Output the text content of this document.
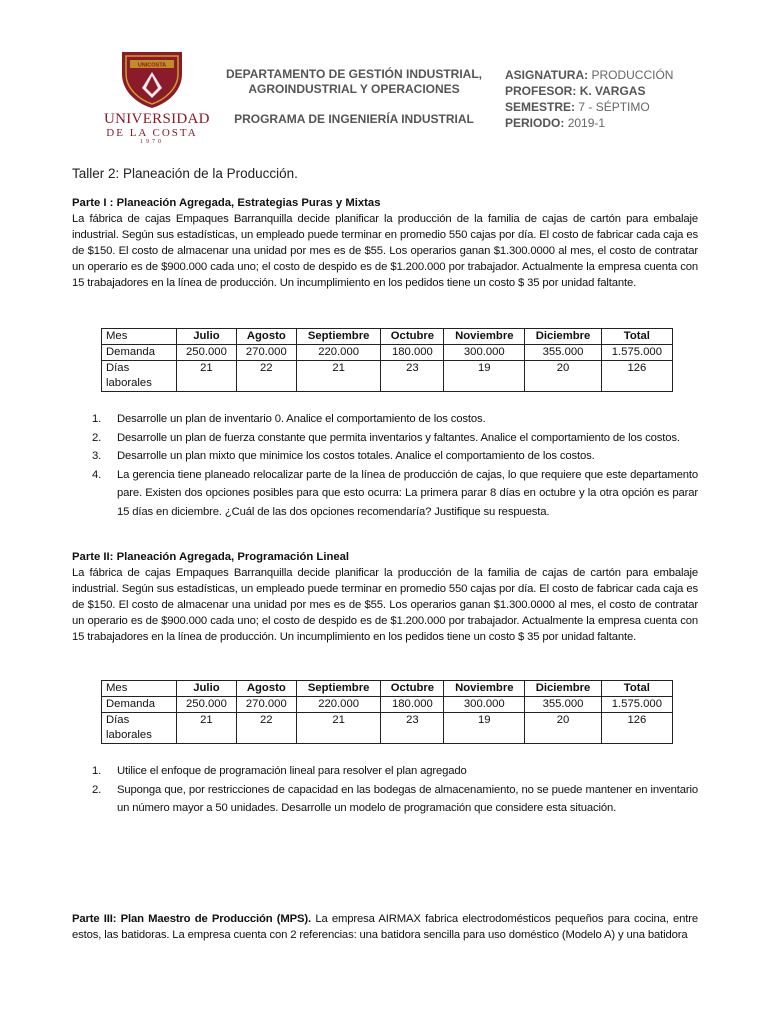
UNICOSTA
UNIVERSIDAD
DE LA COSTA
1970
DEPARTAMENTO DE GESTIÓN INDUSTRIAL,
AGROINDUSTRIAL Y OPERACIONES
PROGRAMA DE INGENIERÍA INDUSTRIAL
ASIGNATURA: PRODUCCIÓN
PROFESOR: K. VARGAS
SEMESTRE: 7 - SÉPTIMO
PERIODO: 2019-1
Taller 2: Planeación de la Producción.
Parte I : Planeación Agregada, Estrategias Puras y Mixtas
La fábrica de cajas Empaques Barranquilla decide planificar la producción de la familia de cajas de cartón para embalaje industrial. Según sus estadísticas, un empleado puede terminar en promedio 550 cajas por día. El costo de fabricar cada caja es de $150. El costo de almacenar una unidad por mes es de $55. Los operarios ganan $1.300.0000 al mes, el costo de contratar un operario es de $900.000 cada uno; el costo de despido es de $1.200.000 por trabajador. Actualmente la empresa cuenta con 15 trabajadores en la línea de producción. Un incumplimiento en los pedidos tiene un costo $ 35 por unidad faltante.
Mes	Julio	Agosto	Septiembre	Octubre	Noviembre	Diciembre	Total
Demanda	250.000	270.000	220.000	180.000	300.000	355.000	1.575.000
Días
laborales	21	22	21	23	19	20	126
1. Desarrolle un plan de inventario 0. Analice el comportamiento de los costos.
2. Desarrolle un plan de fuerza constante que permita inventarios y faltantes. Analice el comportamiento de los costos.
3. Desarrolle un plan mixto que minimice los costos totales. Analice el comportamiento de los costos.
4. La gerencia tiene planeado relocalizar parte de la línea de producción de cajas, lo que requiere que este departamento pare. Existen dos opciones posibles para que esto ocurra: La primera parar 8 días en octubre y la otra opción es parar 15 días en diciembre. ¿Cuál de las dos opciones recomendaría? Justifique su respuesta.
Parte II: Planeación Agregada, Programación Lineal
La fábrica de cajas Empaques Barranquilla decide planificar la producción de la familia de cajas de cartón para embalaje industrial. Según sus estadísticas, un empleado puede terminar en promedio 550 cajas por día. El costo de fabricar cada caja es de $150. El costo de almacenar una unidad por mes es de $55. Los operarios ganan $1.300.0000 al mes, el costo de contratar un operario es de $900.000 cada uno; el costo de despido es de $1.200.000 por trabajador. Actualmente la empresa cuenta con 15 trabajadores en la línea de producción. Un incumplimiento en los pedidos tiene un costo $ 35 por unidad faltante.
Mes	Julio	Agosto	Septiembre	Octubre	Noviembre	Diciembre	Total
Demanda	250.000	270.000	220.000	180.000	300.000	355.000	1.575.000
Días
laborales	21	22	21	23	19	20	126
1. Utilice el enfoque de programación lineal para resolver el plan agregado
2. Suponga que, por restricciones de capacidad en las bodegas de almacenamiento, no se puede mantener en inventario un número mayor a 50 unidades. Desarrolle un modelo de programación que considere esta situación.
Parte III: Plan Maestro de Producción (MPS). La empresa AIRMAX fabrica electrodomésticos pequeños para cocina, entre estos, las batidoras. La empresa cuenta con 2 referencias: una batidora sencilla para uso doméstico (Modelo A) y una batidora
